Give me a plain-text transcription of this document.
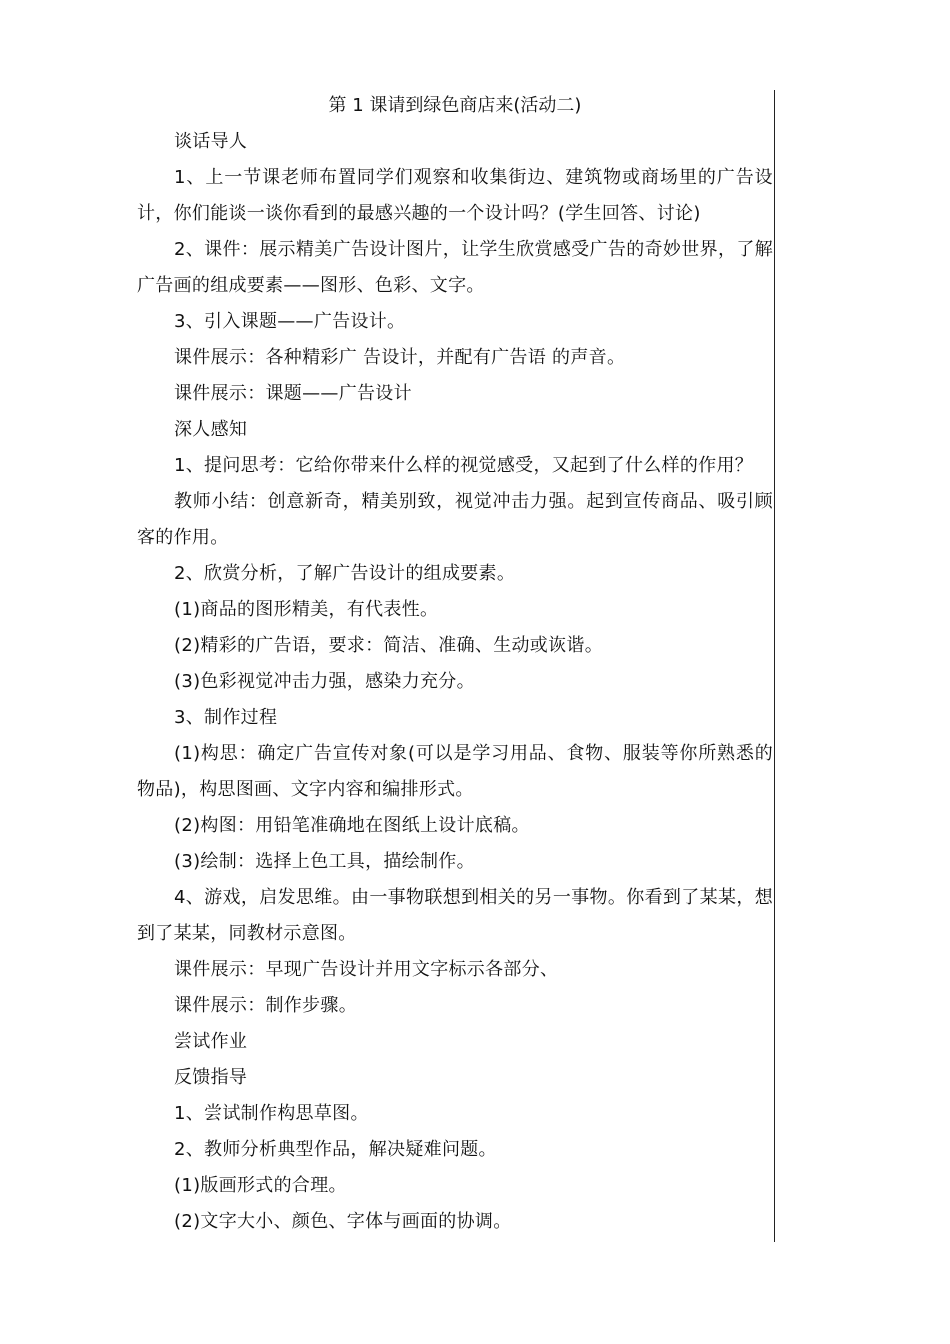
第 1 课请到绿色商店来(活动二)

谈话导人

1、上一节课老师布置同学们观察和收集街边、建筑物或商场里的广告设计，你们能谈一谈你看到的最感兴趣的一个设计吗？(学生回答、讨论)

2、课件：展示精美广告设计图片，让学生欣赏感受广告的奇妙世界，了解广告画的组成要素——图形、色彩、文字。

3、引入课题——广告设计。

课件展示：各种精彩广 告设计，并配有广告语 的声音。

课件展示：课题——广告设计

深人感知

1、提问思考：它给你带来什么样的视觉感受，又起到了什么样的作用？

教师小结：创意新奇，精美别致，视觉冲击力强。起到宣传商品、吸引顾客的作用。

2、欣赏分析，了解广告设计的组成要素。

(1)商品的图形精美，有代表性。

(2)精彩的广告语，要求：简洁、准确、生动或诙谐。

(3)色彩视觉冲击力强，感染力充分。

3、制作过程

(1)构思：确定广告宣传对象(可以是学习用品、食物、服装等你所熟悉的物品)，构思图画、文字内容和编排形式。

(2)构图：用铅笔准确地在图纸上设计底稿。

(3)绘制：选择上色工具，描绘制作。

4、游戏，启发思维。由一事物联想到相关的另一事物。你看到了某某，想到了某某，同教材示意图。

课件展示：早现广告设计并用文字标示各部分、

课件展示：制作步骤。

尝试作业

反馈指导

1、尝试制作构思草图。

2、教师分析典型作品，解决疑难问题。

(1)版画形式的合理。

(2)文字大小、颜色、字体与画面的协调。
